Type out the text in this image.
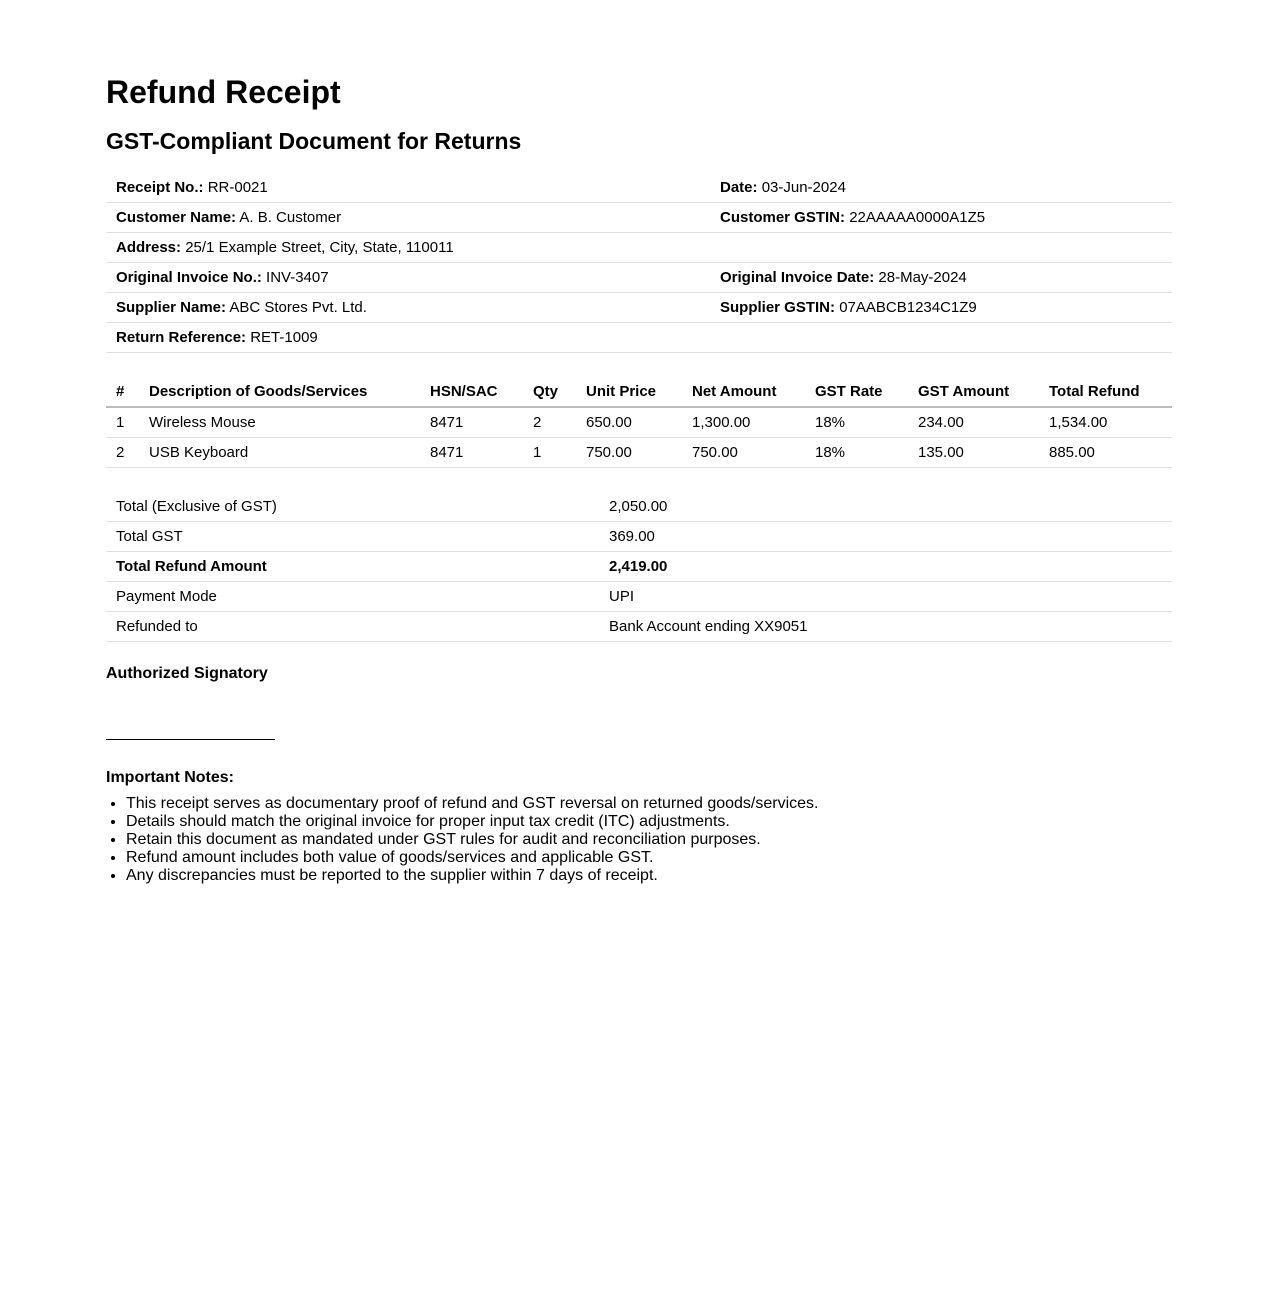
Refund Receipt
GST-Compliant Document for Returns
Receipt No.: RR-0021	Date: 03-Jun-2024
Customer Name: A. B. Customer	Customer GSTIN: 22AAAAA0000A1Z5
Address: 25/1 Example Street, City, State, 110011	
Original Invoice No.: INV-3407	Original Invoice Date: 28-May-2024
Supplier Name: ABC Stores Pvt. Ltd.	Supplier GSTIN: 07AABCB1234C1Z9
Return Reference: RET-1009	
#	Description of Goods/Services	HSN/SAC	Qty	Unit Price	Net Amount	GST Rate	GST Amount	Total Refund
1	Wireless Mouse	8471	2	650.00	1,300.00	18%	234.00	1,534.00
2	USB Keyboard	8471	1	750.00	750.00	18%	135.00	885.00
Total (Exclusive of GST)	2,050.00
Total GST	369.00
Total Refund Amount	2,419.00
Payment Mode	UPI
Refunded to	Bank Account ending XX9051
Authorized Signatory
Important Notes:
• This receipt serves as documentary proof of refund and GST reversal on returned goods/services.
• Details should match the original invoice for proper input tax credit (ITC) adjustments.
• Retain this document as mandated under GST rules for audit and reconciliation purposes.
• Refund amount includes both value of goods/services and applicable GST.
• Any discrepancies must be reported to the supplier within 7 days of receipt.
